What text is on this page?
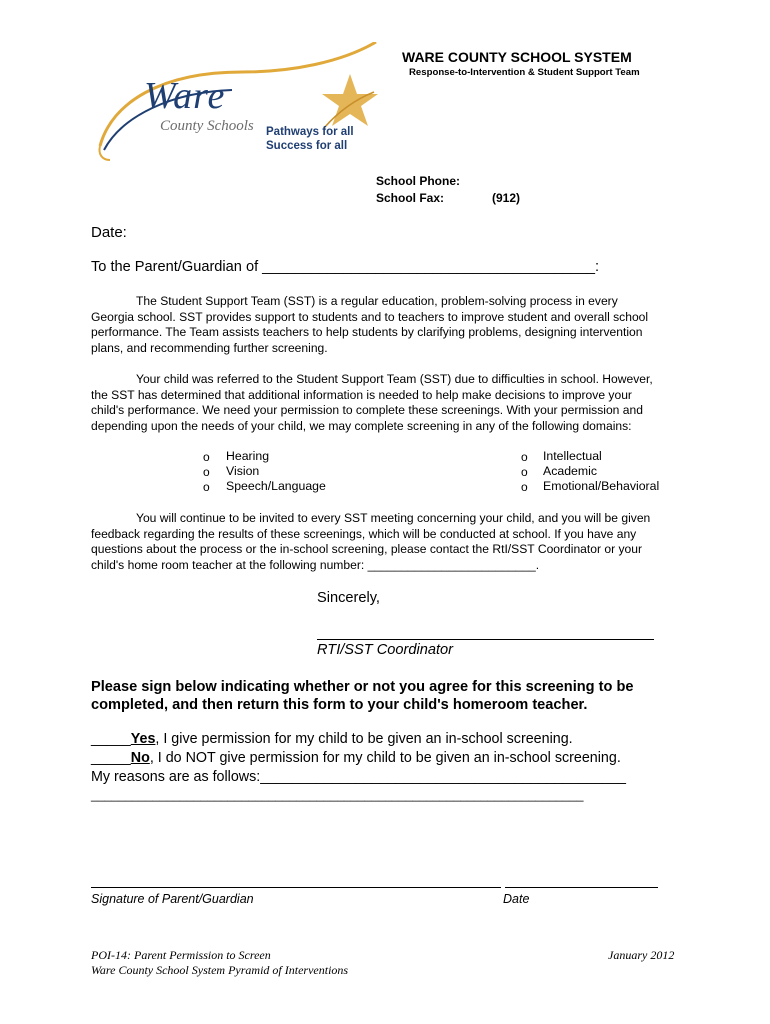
Ware
County Schools Pathways for all
Success for all
WARE COUNTY SCHOOL SYSTEM
Response-to-Intervention & Student Support Team
School Phone:
School Fax:	(912)
Date:
To the Parent/Guardian of _________________________________________:

The Student Support Team (SST) is a regular education, problem-solving process in every

Georgia school. SST provides support to students and to teachers to improve student and overall school

performance. The Team assists teachers to help students by clarifying problems, designing intervention

plans, and recommending further screening.

Your child was referred to the Student Support Team (SST) due to difficulties in school. However,

the SST has determined that additional information is needed to help make decisions to improve your

child's performance. We need your permission to complete these screenings. With your permission and

depending upon the needs of your child, we may complete screening in any of the following domains:

o Hearing
o Vision
o Speech/Language
o Intellectual
o Academic
o Emotional/Behavioral

You will continue to be invited to every SST meeting concerning your child, and you will be given

feedback regarding the results of these screenings, which will be conducted at school. If you have any

questions about the process or the in-school screening, please contact the RtI/SST Coordinator or your

child's home room teacher at the following number: _________________________.

Sincerely,
RTI/SST Coordinator
Please sign below indicating whether or not you agree for this screening to be
completed, and then return this form to your child's homeroom teacher.
_____Yes, I give permission for my child to be given an in-school screening.
_____No, I do NOT give permission for my child to be given an in-school screening.
My reasons are as follows:______________________________________________
________________________________________________________________________
Signature of Parent/Guardian	Date
POI-14: Parent Permission to Screen
Ware County School System Pyramid of Interventions
January 2012
